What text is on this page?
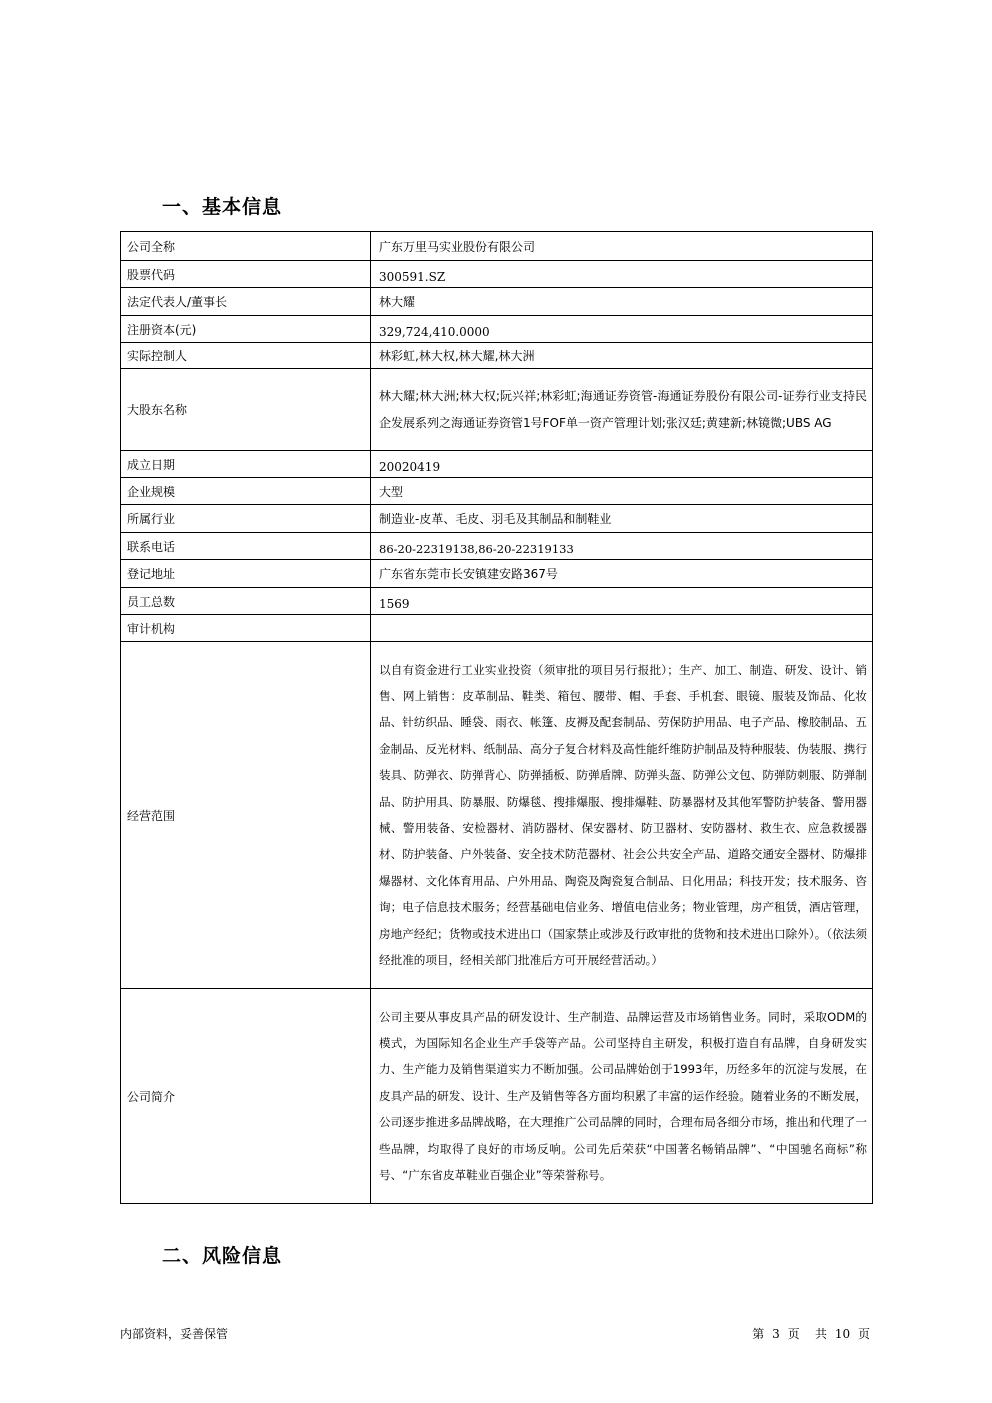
一、基本信息
公司全称	广东万里马实业股份有限公司
股票代码	300591.SZ
法定代表人/董事长	林大耀
注册资本(元)	329,724,410.0000
实际控制人	林彩虹,林大权,林大耀,林大洲
大股东名称	林大耀;林大洲;林大权;阮兴祥;林彩虹;海通证券资管-海通证券股份有限公司-证券行业支持民企发展系列之海通证券资管1号FOF单一资产管理计划;张汉廷;黄建新;林镜微;UBS AG
成立日期	20020419
企业规模	大型
所属行业	制造业-皮革、毛皮、羽毛及其制品和制鞋业
联系电话	86-20-22319138,86-20-22319133
登记地址	广东省东莞市长安镇建安路367号
员工总数	1569
审计机构	
经营范围	以自有资金进行工业实业投资（须审批的项目另行报批）；生产、加工、制造、研发、设计、销售、网上销售：皮革制品、鞋类、箱包、腰带、帽、手套、手机套、眼镜、服装及饰品、化妆品、针纺织品、睡袋、雨衣、帐篷、皮褥及配套制品、劳保防护用品、电子产品、橡胶制品、五金制品、反光材料、纸制品、高分子复合材料及高性能纤维防护制品及特种服装、伪装服、携行装具、防弹衣、防弹背心、防弹插板、防弹盾牌、防弹头盔、防弹公文包、防弹防刺服、防弹制品、防护用具、防暴服、防爆毯、搜排爆服、搜排爆鞋、防暴器材及其他军警防护装备、警用器械、警用装备、安检器材、消防器材、保安器材、防卫器材、安防器材、救生衣、应急救援器材、防护装备、户外装备、安全技术防范器材、社会公共安全产品、道路交通安全器材、防爆排爆器材、文化体育用品、户外用品、陶瓷及陶瓷复合制品、日化用品；科技开发；技术服务、咨询；电子信息技术服务；经营基础电信业务、增值电信业务；物业管理，房产租赁，酒店管理，房地产经纪；货物或技术进出口（国家禁止或涉及行政审批的货物和技术进出口除外）。（依法须经批准的项目，经相关部门批准后方可开展经营活动。）
公司简介	公司主要从事皮具产品的研发设计、生产制造、品牌运营及市场销售业务。同时，采取ODM的模式，为国际知名企业生产手袋等产品。公司坚持自主研发，积极打造自有品牌，自身研发实力、生产能力及销售渠道实力不断加强。公司品牌始创于1993年，历经多年的沉淀与发展，在皮具产品的研发、设计、生产及销售等各方面均积累了丰富的运作经验。随着业务的不断发展，公司逐步推进多品牌战略，在大理推广公司品牌的同时，合理布局各细分市场，推出和代理了一些品牌，均取得了良好的市场反响。公司先后荣获“中国著名畅销品牌”、“中国驰名商标”称号、“广东省皮革鞋业百强企业”等荣誉称号。
二、风险信息
内部资料，妥善保管	第 3 页 共 10 页
